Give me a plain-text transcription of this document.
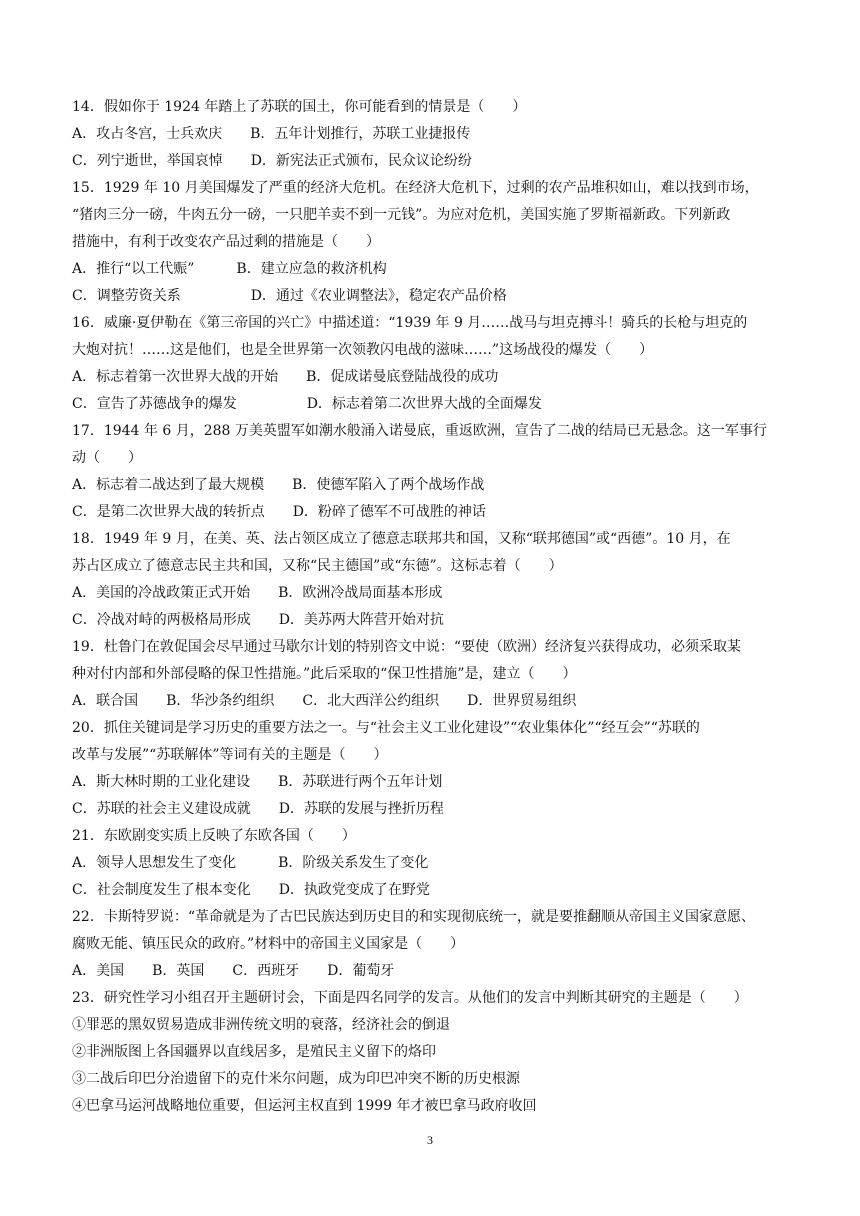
14．假如你于 1924 年踏上了苏联的国土，你可能看到的情景是（　　）
A．攻占冬宫，士兵欢庆　　B．五年计划推行，苏联工业捷报传
C．列宁逝世，举国哀悼　　D．新宪法正式颁布，民众议论纷纷
15．1929 年 10 月美国爆发了严重的经济大危机。在经济大危机下，过剩的农产品堆积如山，难以找到市场，
“猪肉三分一磅，牛肉五分一磅，一只肥羊卖不到一元钱”。为应对危机，美国实施了罗斯福新政。下列新政
措施中，有利于改变农产品过剩的措施是（　　）
A．推行“以工代赈”　　　B．建立应急的救济机构
C．调整劳资关系　　　　　D．通过《农业调整法》，稳定农产品价格
16．威廉·夏伊勒在《第三帝国的兴亡》中描述道：“1939 年 9 月……战马与坦克搏斗！骑兵的长枪与坦克的
大炮对抗！……这是他们，也是全世界第一次领教闪电战的滋味……”这场战役的爆发（　　）
A．标志着第一次世界大战的开始　　B．促成诺曼底登陆战役的成功
C．宣告了苏德战争的爆发　　　　　D．标志着第二次世界大战的全面爆发
17．1944 年 6 月，288 万美英盟军如潮水般涌入诺曼底，重返欧洲，宣告了二战的结局已无悬念。这一军事行
动（　　）
A．标志着二战达到了最大规模　　B．使德军陷入了两个战场作战
C．是第二次世界大战的转折点　　D．粉碎了德军不可战胜的神话
18．1949 年 9 月，在美、英、法占领区成立了德意志联邦共和国，又称“联邦德国”或“西德”。10 月，在
苏占区成立了德意志民主共和国，又称“民主德国”或“东德”。这标志着（　　）
A．美国的冷战政策正式开始　　B．欧洲冷战局面基本形成
C．冷战对峙的两极格局形成　　D．美苏两大阵营开始对抗
19．杜鲁门在敦促国会尽早通过马歇尔计划的特别咨文中说：“要使（欧洲）经济复兴获得成功，必须采取某
种对付内部和外部侵略的保卫性措施。”此后采取的“保卫性措施”是，建立（　　）
A．联合国　　B．华沙条约组织　　C．北大西洋公约组织　　D．世界贸易组织
20．抓住关键词是学习历史的重要方法之一。与“社会主义工业化建设”“农业集体化”“经互会”“苏联的
改革与发展”“苏联解体”等词有关的主题是（　　）
A．斯大林时期的工业化建设　　B．苏联进行两个五年计划
C．苏联的社会主义建设成就　　D．苏联的发展与挫折历程
21．东欧剧变实质上反映了东欧各国（　　）
A．领导人思想发生了变化　　　B．阶级关系发生了变化
C．社会制度发生了根本变化　　D．执政党变成了在野党
22．卡斯特罗说：“革命就是为了古巴民族达到历史目的和实现彻底统一，就是要推翻顺从帝国主义国家意愿、
腐败无能、镇压民众的政府。”材料中的帝国主义国家是（　　）
A．美国　　B．英国　　C．西班牙　　D．葡萄牙
23．研究性学习小组召开主题研讨会，下面是四名同学的发言。从他们的发言中判断其研究的主题是（　　）
①罪恶的黑奴贸易造成非洲传统文明的衰落，经济社会的倒退
②非洲版图上各国疆界以直线居多，是殖民主义留下的烙印
③二战后印巴分治遗留下的克什米尔问题，成为印巴冲突不断的历史根源
④巴拿马运河战略地位重要，但运河主权直到 1999 年才被巴拿马政府收回
3
